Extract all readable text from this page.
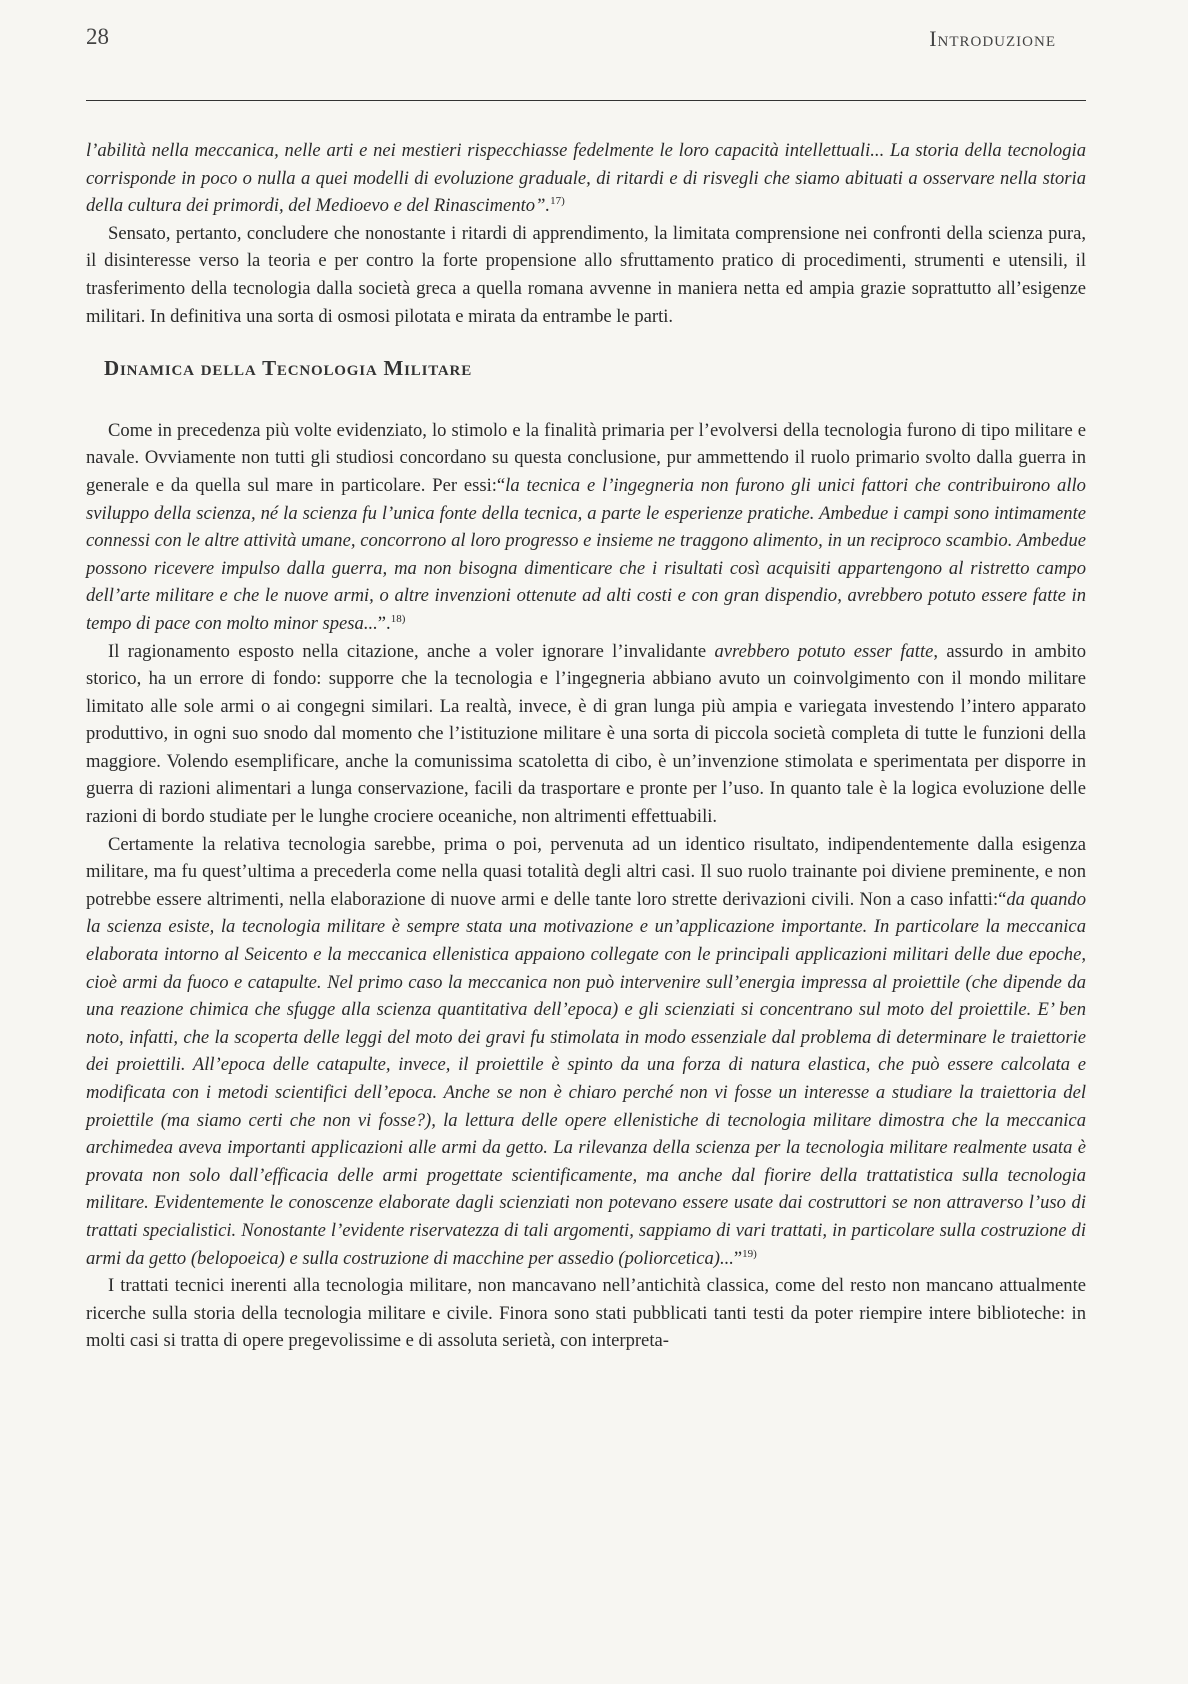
28	Introduzione

l’abilità nella meccanica, nelle arti e nei mestieri rispecchiasse fedelmente le loro capacità intellettuali... La storia della tecnologia corrisponde in poco o nulla a quei modelli di evoluzione graduale, di ritardi e di risvegli che siamo abituati a osservare nella storia della cultura dei primordi, del Medioevo e del Rinascimento”.$^{17)}$

Sensato, pertanto, concludere che nonostante i ritardi di apprendimento, la limitata comprensione nei confronti della scienza pura, il disinteresse verso la teoria e per contro la forte propensione allo sfruttamento pratico di procedimenti, strumenti e utensili, il trasferimento della tecnologia dalla società greca a quella romana avvenne in maniera netta ed ampia grazie soprattutto all’esigenze militari. In definitiva una sorta di osmosi pilotata e mirata da entrambe le parti.

Dinamica della Tecnologia Militare

Come in precedenza più volte evidenziato, lo stimolo e la finalità primaria per l’evolversi della tecnologia furono di tipo militare e navale. Ovviamente non tutti gli studiosi concordano su questa conclusione, pur ammettendo il ruolo primario svolto dalla guerra in generale e da quella sul mare in particolare. Per essi:“la tecnica e l’ingegneria non furono gli unici fattori che contribuirono allo sviluppo della scienza, né la scienza fu l’unica fonte della tecnica, a parte le esperienze pratiche. Ambedue i campi sono intimamente connessi con le altre attività umane, concorrono al loro progresso e insieme ne traggono alimento, in un reciproco scambio. Ambedue possono ricevere impulso dalla guerra, ma non bisogna dimenticare che i risultati così acquisiti appartengono al ristretto campo dell’arte militare e che le nuove armi, o altre invenzioni ottenute ad alti costi e con gran dispendio, avrebbero potuto essere fatte in tempo di pace con molto minor spesa...”.$^{18)}$

Il ragionamento esposto nella citazione, anche a voler ignorare l’invalidante avrebbero potuto esser fatte, assurdo in ambito storico, ha un errore di fondo: supporre che la tecnologia e l’ingegneria abbiano avuto un coinvolgimento con il mondo militare limitato alle sole armi o ai congegni similari. La realtà, invece, è di gran lunga più ampia e variegata investendo l’intero apparato produttivo, in ogni suo snodo dal momento che l’istituzione militare è una sorta di piccola società completa di tutte le funzioni della maggiore. Volendo esemplificare, anche la comunissima scatoletta di cibo, è un’invenzione stimolata e sperimentata per disporre in guerra di razioni alimentari a lunga conservazione, facili da trasportare e pronte per l’uso. In quanto tale è la logica evoluzione delle razioni di bordo studiate per le lunghe crociere oceaniche, non altrimenti effettuabili.

Certamente la relativa tecnologia sarebbe, prima o poi, pervenuta ad un identico risultato, indipendentemente dalla esigenza militare, ma fu quest’ultima a precederla come nella quasi totalità degli altri casi. Il suo ruolo trainante poi diviene preminente, e non potrebbe essere altrimenti, nella elaborazione di nuove armi e delle tante loro strette derivazioni civili. Non a caso infatti:“da quando la scienza esiste, la tecnologia militare è sempre stata una motivazione e un’applicazione importante. In particolare la meccanica elaborata intorno al Seicento e la meccanica ellenistica appaiono collegate con le principali applicazioni militari delle due epoche, cioè armi da fuoco e catapulte. Nel primo caso la meccanica non può intervenire sull’energia impressa al proiettile (che dipende da una reazione chimica che sfugge alla scienza quantitativa dell’epoca) e gli scienziati si concentrano sul moto del proiettile. E’ ben noto, infatti, che la scoperta delle leggi del moto dei gravi fu stimolata in modo essenziale dal problema di determinare le traiettorie dei proiettili. All’epoca delle catapulte, invece, il proiettile è spinto da una forza di natura elastica, che può essere calcolata e modificata con i metodi scientifici dell’epoca. Anche se non è chiaro perché non vi fosse un interesse a studiare la traiettoria del proiettile (ma siamo certi che non vi fosse?), la lettura delle opere ellenistiche di tecnologia militare dimostra che la meccanica archimedea aveva importanti applicazioni alle armi da getto. La rilevanza della scienza per la tecnologia militare realmente usata è provata non solo dall’efficacia delle armi progettate scientificamente, ma anche dal fiorire della trattatistica sulla tecnologia militare. Evidentemente le conoscenze elaborate dagli scienziati non potevano essere usate dai costruttori se non attraverso l’uso di trattati specialistici. Nonostante l’evidente riservatezza di tali argomenti, sappiamo di vari trattati, in particolare sulla costruzione di armi da getto (belopoeica) e sulla costruzione di macchine per assedio (poliorcetica)...”$^{19)}$

I trattati tecnici inerenti alla tecnologia militare, non mancavano nell’antichità classica, come del resto non mancano attualmente ricerche sulla storia della tecnologia militare e civile. Finora sono stati pubblicati tanti testi da poter riempire intere biblioteche: in molti casi si tratta di opere pregevolissime e di assoluta serietà, con interpreta-
